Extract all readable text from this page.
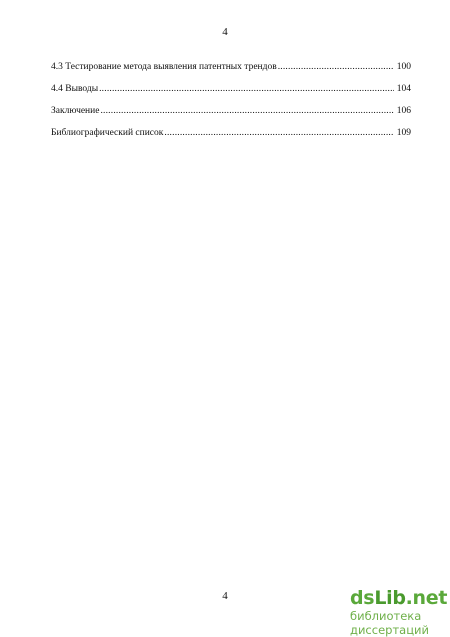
4
4.3 Тестирование метода выявления патентных трендов .....	100
4.4 Выводы .....	104
Заключение .....	106
Библиографический список .....	109
4	dsLib.net
библиотека диссертаций
